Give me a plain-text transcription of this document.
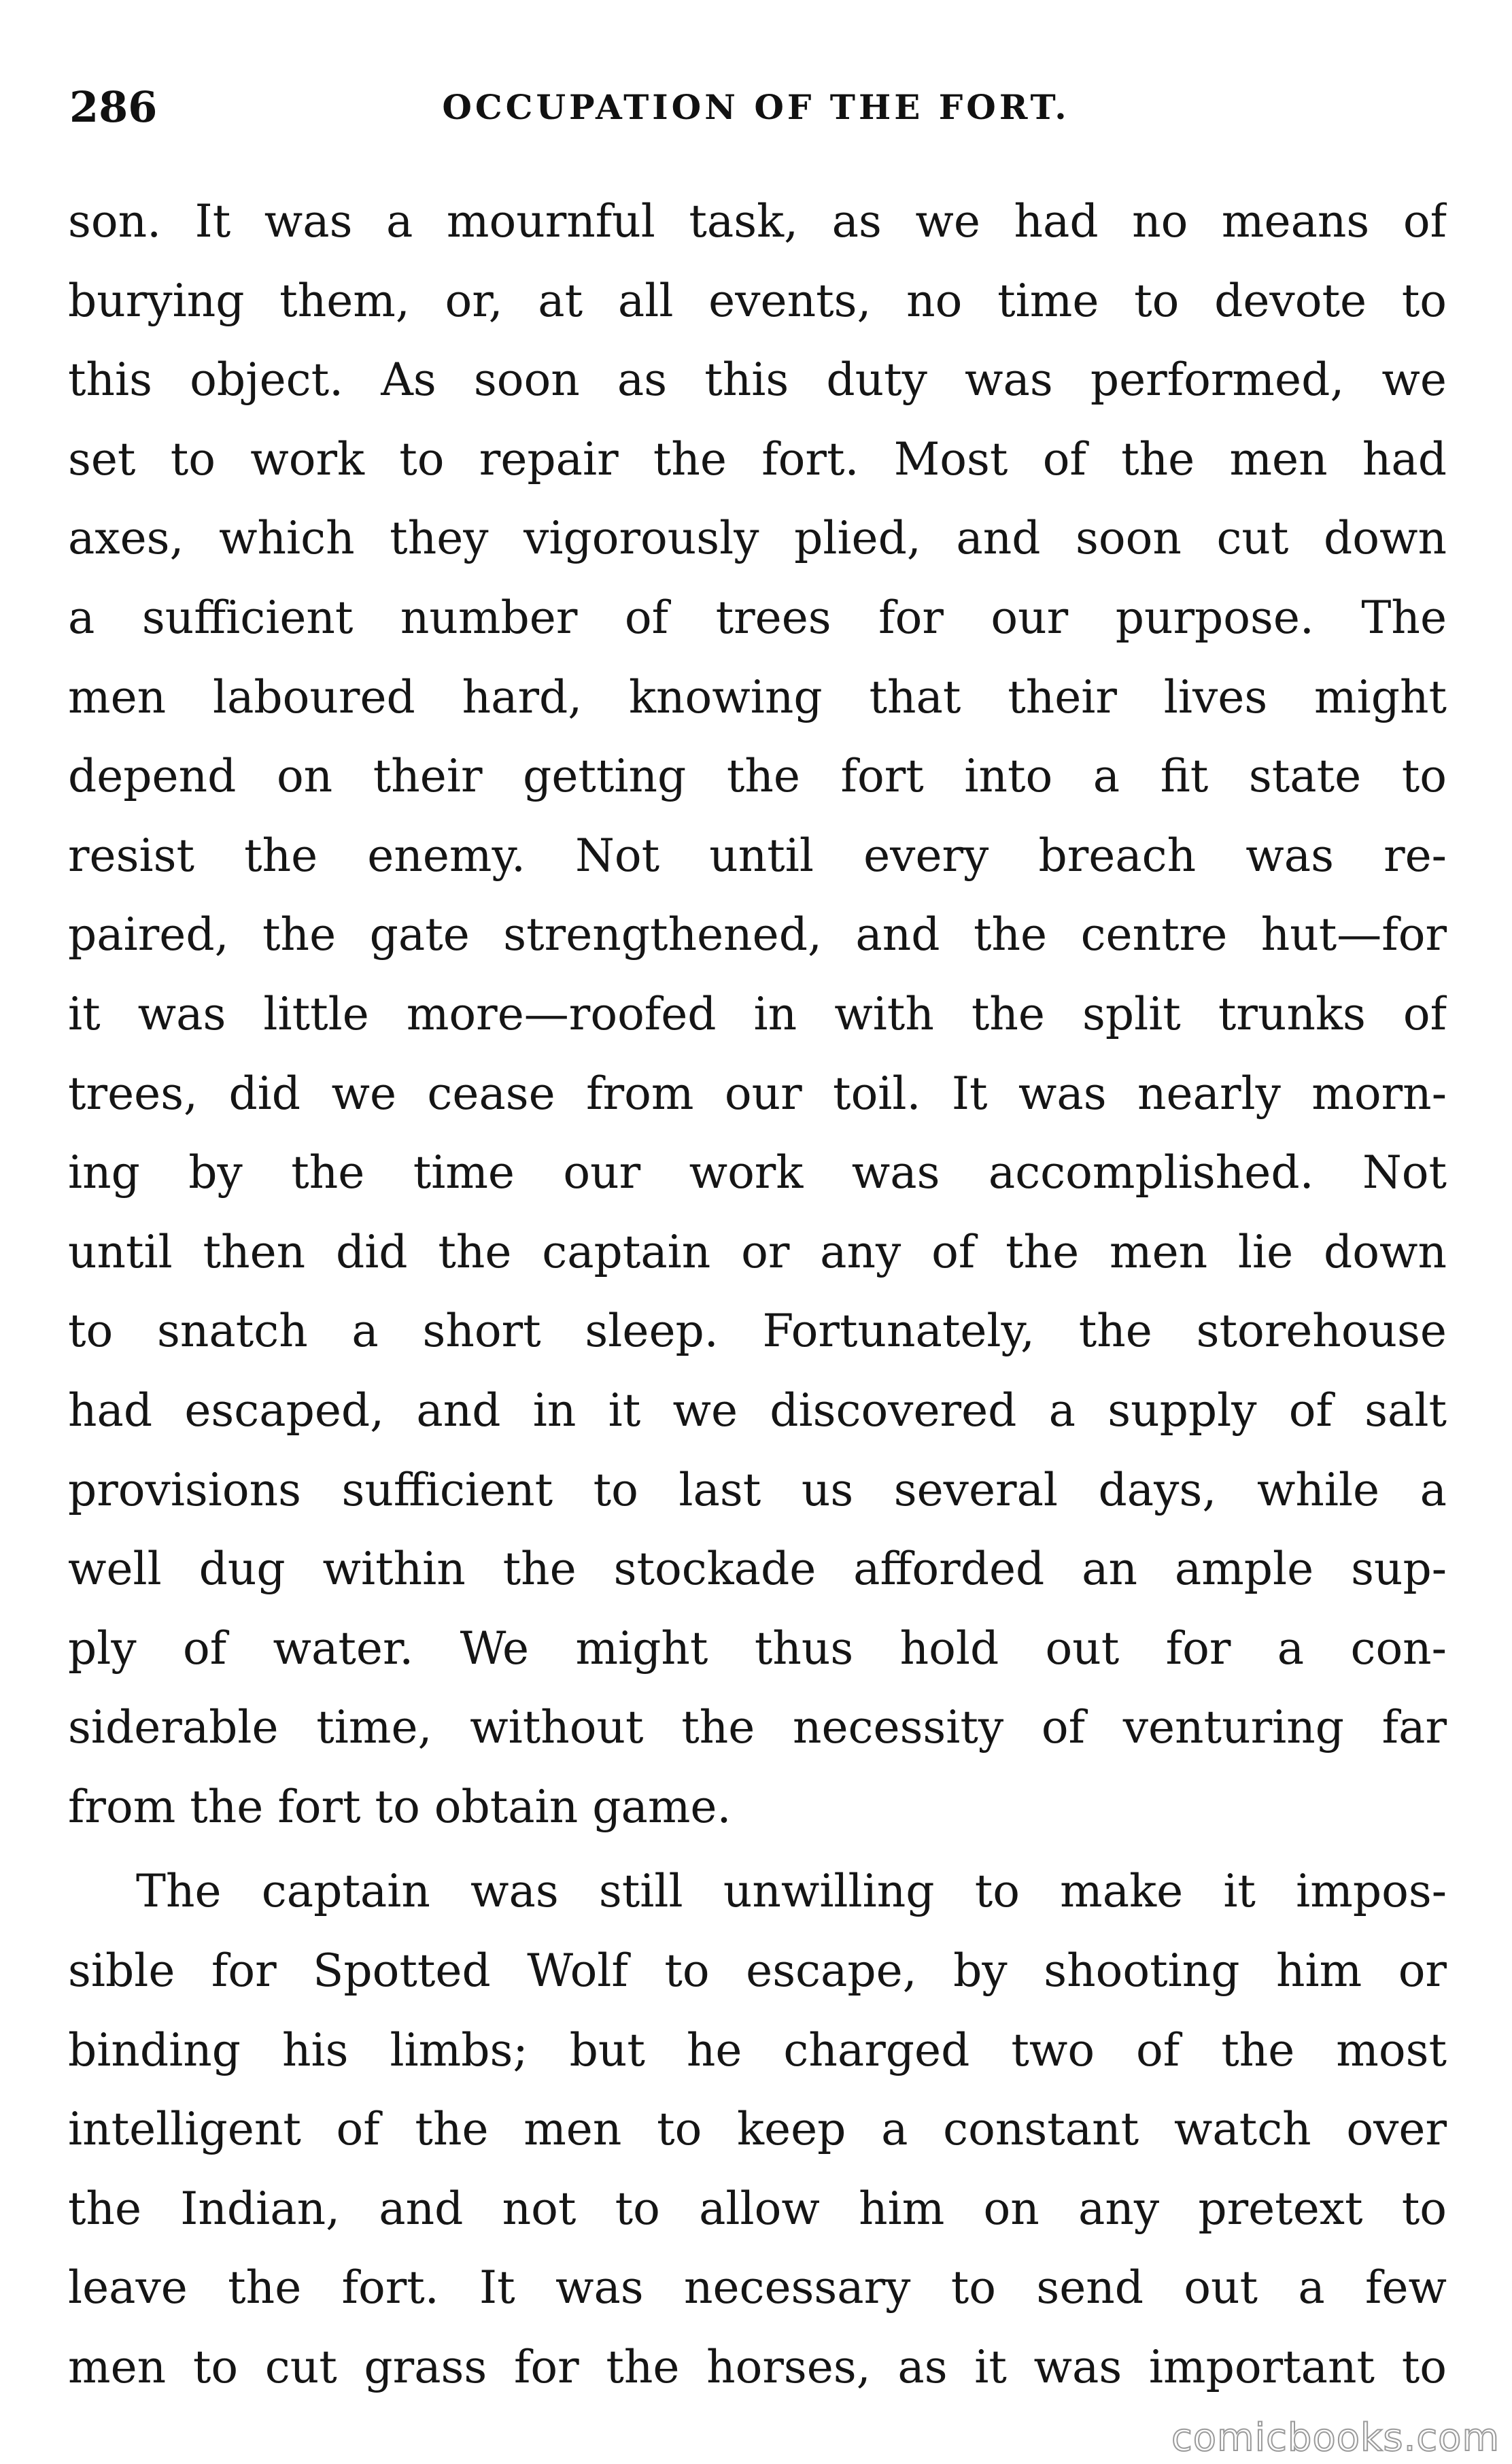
286	OCCUPATION OF THE FORT.
son. It was a mournful task, as we had no means of
burying them, or, at all events, no time to devote to
this object. As soon as this duty was performed, we
set to work to repair the fort. Most of the men had
axes, which they vigorously plied, and soon cut down
a sufficient number of trees for our purpose. The
men laboured hard, knowing that their lives might
depend on their getting the fort into a fit state to
resist the enemy. Not until every breach was re-
paired, the gate strengthened, and the centre hut—for
it was little more—roofed in with the split trunks of
trees, did we cease from our toil. It was nearly morn-
ing by the time our work was accomplished. Not
until then did the captain or any of the men lie down
to snatch a short sleep. Fortunately, the storehouse
had escaped, and in it we discovered a supply of salt
provisions sufficient to last us several days, while a
well dug within the stockade afforded an ample sup-
ply of water. We might thus hold out for a con-
siderable time, without the necessity of venturing far
from the fort to obtain game.
The captain was still unwilling to make it impos-
sible for Spotted Wolf to escape, by shooting him or
binding his limbs; but he charged two of the most
intelligent of the men to keep a constant watch over
the Indian, and not to allow him on any pretext to
leave the fort. It was necessary to send out a few
men to cut grass for the horses, as it was important to
comicbooks.com
